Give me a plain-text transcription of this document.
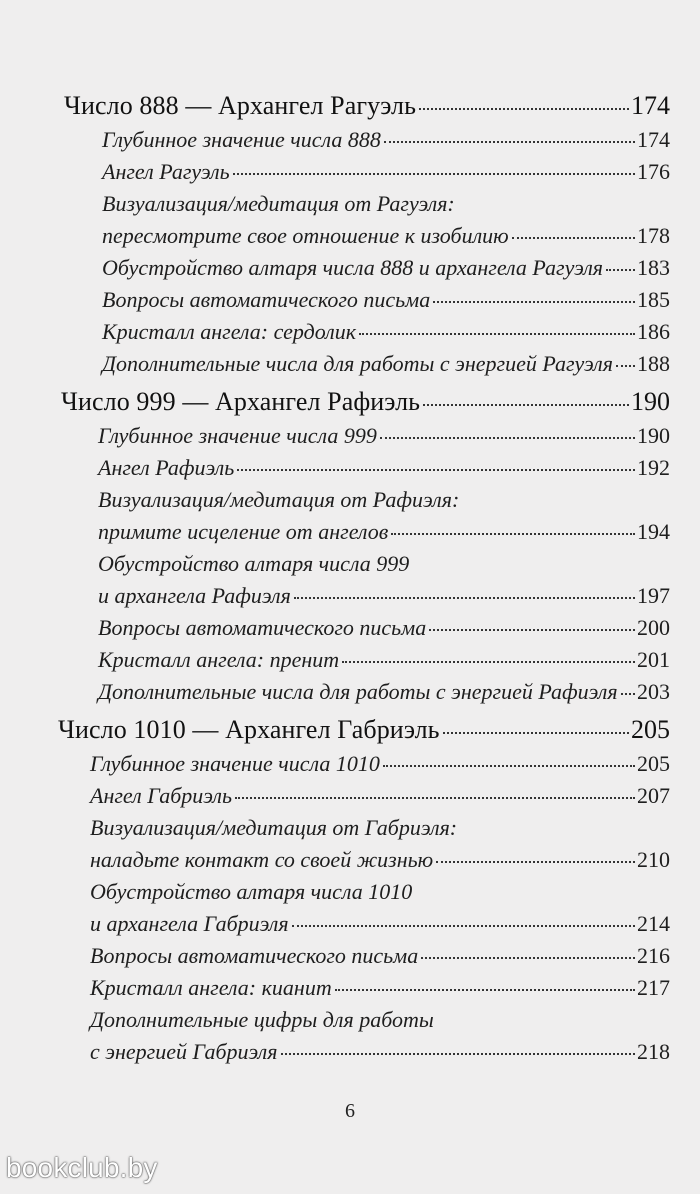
Число 888 — Архангел Рагуэль	174
Глубинное значение числа 888	174
Ангел Рагуэль	176
Визуализация/медитация от Рагуэля:
пересмотрите свое отношение к изобилию	178
Обустройство алтаря числа 888 и архангела Рагуэля 183
Вопросы автоматического письма	185
Кристалл ангела: сердолик	186
Дополнительные числа для работы с энергией Рагуэля 188
Число 999 — Архангел Рафиэль	190
Глубинное значение числа 999	190
Ангел Рафиэль	192
Визуализация/медитация от Рафиэля:
примите исцеление от ангелов	194
Обустройство алтаря числа 999
и архангела Рафиэля	197
Вопросы автоматического письма	200
Кристалл ангела: пренит	201
Дополнительные числа для работы с энергией Рафиэля 203
Число 1010 — Архангел Габриэль	205
Глубинное значение числа 1010	205
Ангел Габриэль	207
Визуализация/медитация от Габриэля:
наладьте контакт со своей жизнью	210
Обустройство алтаря числа 1010
и архангела Габриэля	214
Вопросы автоматического письма	216
Кристалл ангела: кианит	217
Дополнительные цифры для работы
с энергией Габриэля	218
6
bookclub.by
